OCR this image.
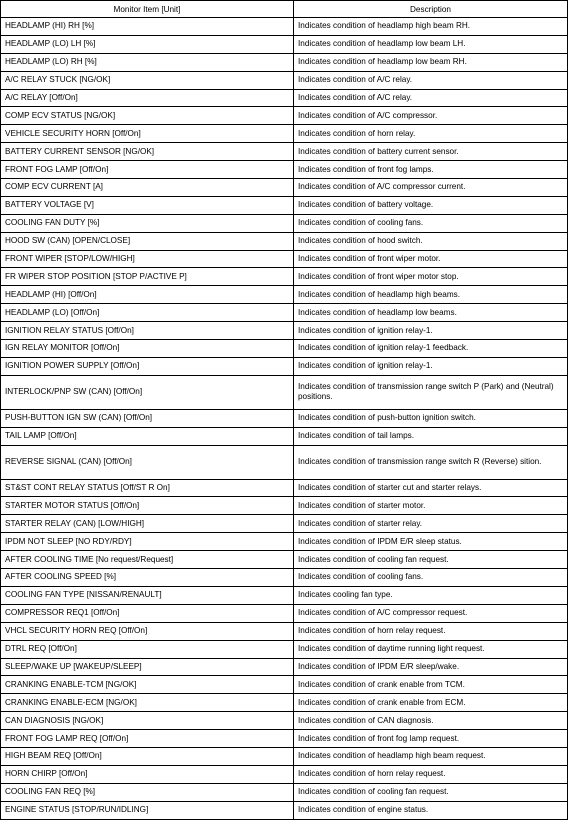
Monitor Item [Unit]	Description
HEADLAMP (HI) RH [%]	Indicates condition of headlamp high beam RH.
HEADLAMP (LO) LH [%]	Indicates condition of headlamp low beam LH.
HEADLAMP (LO) RH [%]	Indicates condition of headlamp low beam RH.
A/C RELAY STUCK [NG/OK]	Indicates condition of A/C relay.
A/C RELAY [Off/On]	Indicates condition of A/C relay.
COMP ECV STATUS [NG/OK]	Indicates condition of A/C compressor.
VEHICLE SECURITY HORN [Off/On]	Indicates condition of horn relay.
BATTERY CURRENT SENSOR [NG/OK]	Indicates condition of battery current sensor.
FRONT FOG LAMP [Off/On]	Indicates condition of front fog lamps.
COMP ECV CURRENT [A]	Indicates condition of A/C compressor current.
BATTERY VOLTAGE [V]	Indicates condition of battery voltage.
COOLING FAN DUTY [%]	Indicates condition of cooling fans.
HOOD SW (CAN) [OPEN/CLOSE]	Indicates condition of hood switch.
FRONT WIPER [STOP/LOW/HIGH]	Indicates condition of front wiper motor.
FR WIPER STOP POSITION [STOP P/ACTIVE P]	Indicates condition of front wiper motor stop.
HEADLAMP (HI) [Off/On]	Indicates condition of headlamp high beams.
HEADLAMP (LO) [Off/On]	Indicates condition of headlamp low beams.
IGNITION RELAY STATUS [Off/On]	Indicates condition of ignition relay-1.
IGN RELAY MONITOR [Off/On]	Indicates condition of ignition relay-1 feedback.
IGNITION POWER SUPPLY [Off/On]	Indicates condition of ignition relay-1.
INTERLOCK/PNP SW (CAN) [Off/On]	Indicates condition of transmission range switch P (Park) and (Neutral) positions.
PUSH-BUTTON IGN SW (CAN) [Off/On]	Indicates condition of push-button ignition switch.
TAIL LAMP [Off/On]	Indicates condition of tail lamps.
REVERSE SIGNAL (CAN) [Off/On]	Indicates condition of transmission range switch R (Reverse) sition.
ST&ST CONT RELAY STATUS [Off/ST R On]	Indicates condition of starter cut and starter relays.
STARTER MOTOR STATUS [Off/On]	Indicates condition of starter motor.
STARTER RELAY (CAN) [LOW/HIGH]	Indicates condition of starter relay.
IPDM NOT SLEEP [NO RDY/RDY]	Indicates condition of IPDM E/R sleep status.
AFTER COOLING TIME [No request/Request]	Indicates condition of cooling fan request.
AFTER COOLING SPEED [%]	Indicates condition of cooling fans.
COOLING FAN TYPE [NISSAN/RENAULT]	Indicates cooling fan type.
COMPRESSOR REQ1 [Off/On]	Indicates condition of A/C compressor request.
VHCL SECURITY HORN REQ [Off/On]	Indicates condition of horn relay request.
DTRL REQ [Off/On]	Indicates condition of daytime running light request.
SLEEP/WAKE UP [WAKEUP/SLEEP]	Indicates condition of IPDM E/R sleep/wake.
CRANKING ENABLE-TCM [NG/OK]	Indicates condition of crank enable from TCM.
CRANKING ENABLE-ECM [NG/OK]	Indicates condition of crank enable from ECM.
CAN DIAGNOSIS [NG/OK]	Indicates condition of CAN diagnosis.
FRONT FOG LAMP REQ [Off/On]	Indicates condition of front fog lamp request.
HIGH BEAM REQ [Off/On]	Indicates condition of headlamp high beam request.
HORN CHIRP [Off/On]	Indicates condition of horn relay request.
COOLING FAN REQ [%]	Indicates condition of cooling fan request.
ENGINE STATUS [STOP/RUN/IDLING]	Indicates condition of engine status.
